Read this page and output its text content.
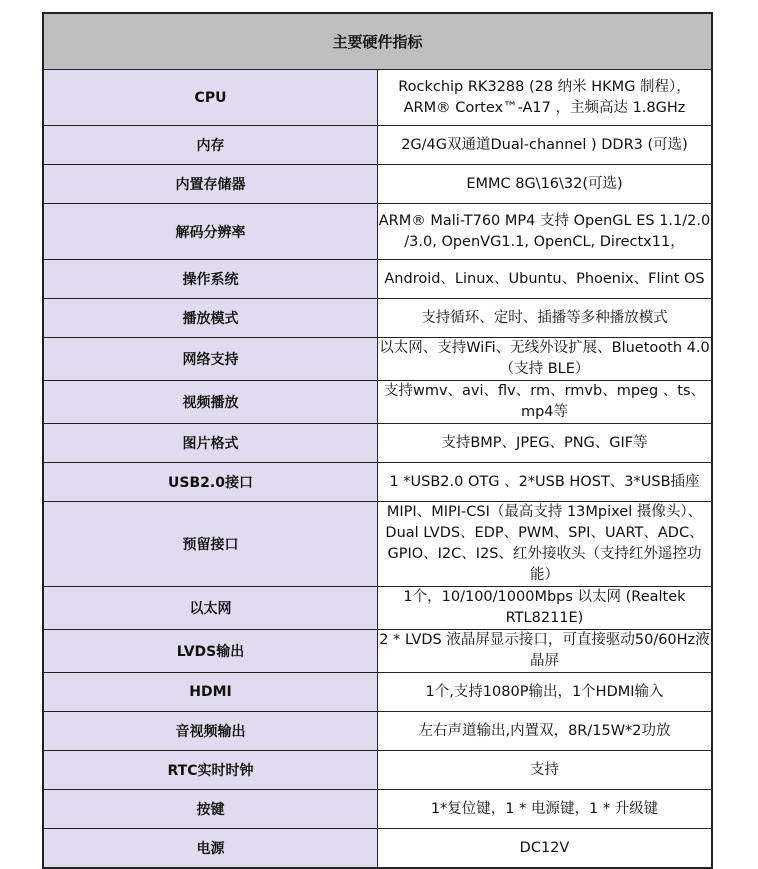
主要硬件指标	
CPU	Rockchip RK3288 (28 纳米 HKMG 制程），ARM® Cortex™-A17 ，主频高达 1.8GHz
内存	2G/4G双通道Dual-channel ) DDR3 (可选)
内置存储器	EMMC 8G\16\32(可选)
解码分辨率	ARM® Mali-T760 MP4 支持 OpenGL ES 1.1/2.0 /3.0, OpenVG1.1, OpenCL, Directx11，
操作系统	Android、Linux、Ubuntu、Phoenix、Flint OS
播放模式	支持循环、定时、插播等多种播放模式
网络支持	以太网、支持WiFi、无线外设扩展、Bluetooth 4.0（支持 BLE）
视频播放	支持wmv、avi、flv、rm、rmvb、mpeg 、ts、mp4等
图片格式	支持BMP、JPEG、PNG、GIF等
USB2.0接口	1 *USB2.0 OTG 、2*USB HOST、3*USB插座
预留接口	MIPI、MIPI-CSI（最高支持 13Mpixel 摄像头）、Dual LVDS、EDP、PWM、SPI、UART、ADC、GPIO、I2C、I2S、红外接收头（支持红外遥控功能）
以太网	1个，10/100/1000Mbps 以太网 (Realtek RTL8211E)
LVDS输出	2 * LVDS 液晶屏显示接口，可直接驱动50/60Hz液晶屏
HDMI	1个,支持1080P输出，1个HDMI输入
音视频输出	左右声道输出,内置双，8R/15W*2功放
RTC实时时钟	支持
按键	1*复位键，1 * 电源键，1 * 升级键
电源	DC12V
